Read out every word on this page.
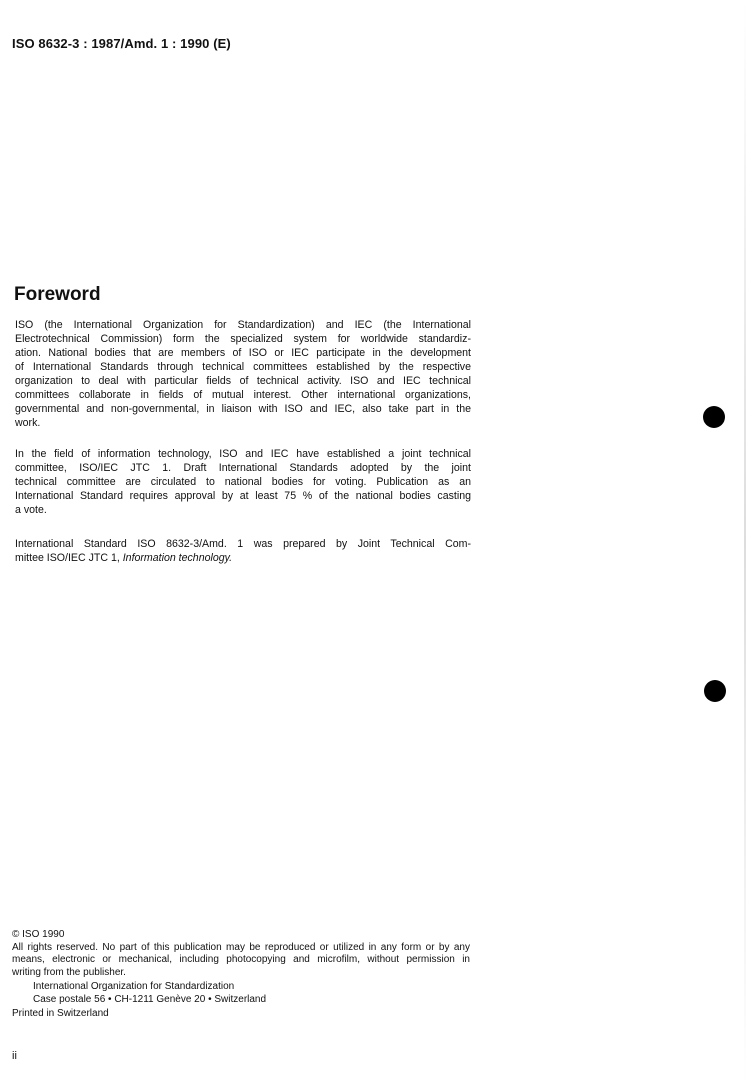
ISO 8632-3 : 1987/Amd. 1 : 1990 (E)
Foreword
ISO (the International Organization for Standardization) and IEC (the International
Electrotechnical Commission) form the specialized system for worldwide standardiz-
ation. National bodies that are members of ISO or IEC participate in the development
of International Standards through technical committees established by the respective
organization to deal with particular fields of technical activity. ISO and IEC technical
committees collaborate in fields of mutual interest. Other international organizations,
governmental and non-governmental, in liaison with ISO and IEC, also take part in the
work.
In the field of information technology, ISO and IEC have established a joint technical
committee, ISO/IEC JTC 1. Draft International Standards adopted by the joint
technical committee are circulated to national bodies for voting. Publication as an
International Standard requires approval by at least 75 % of the national bodies casting
a vote.
International Standard ISO 8632-3/Amd. 1 was prepared by Joint Technical Com-
mittee ISO/IEC JTC 1, Information technology.
© ISO 1990
All rights reserved. No part of this publication may be reproduced or utilized in any form or by any
means, electronic or mechanical, including photocopying and microfilm, without permission in
writing from the publisher.
International Organization for Standardization
Case postale 56 • CH-1211 Genève 20 • Switzerland
Printed in Switzerland
ii
